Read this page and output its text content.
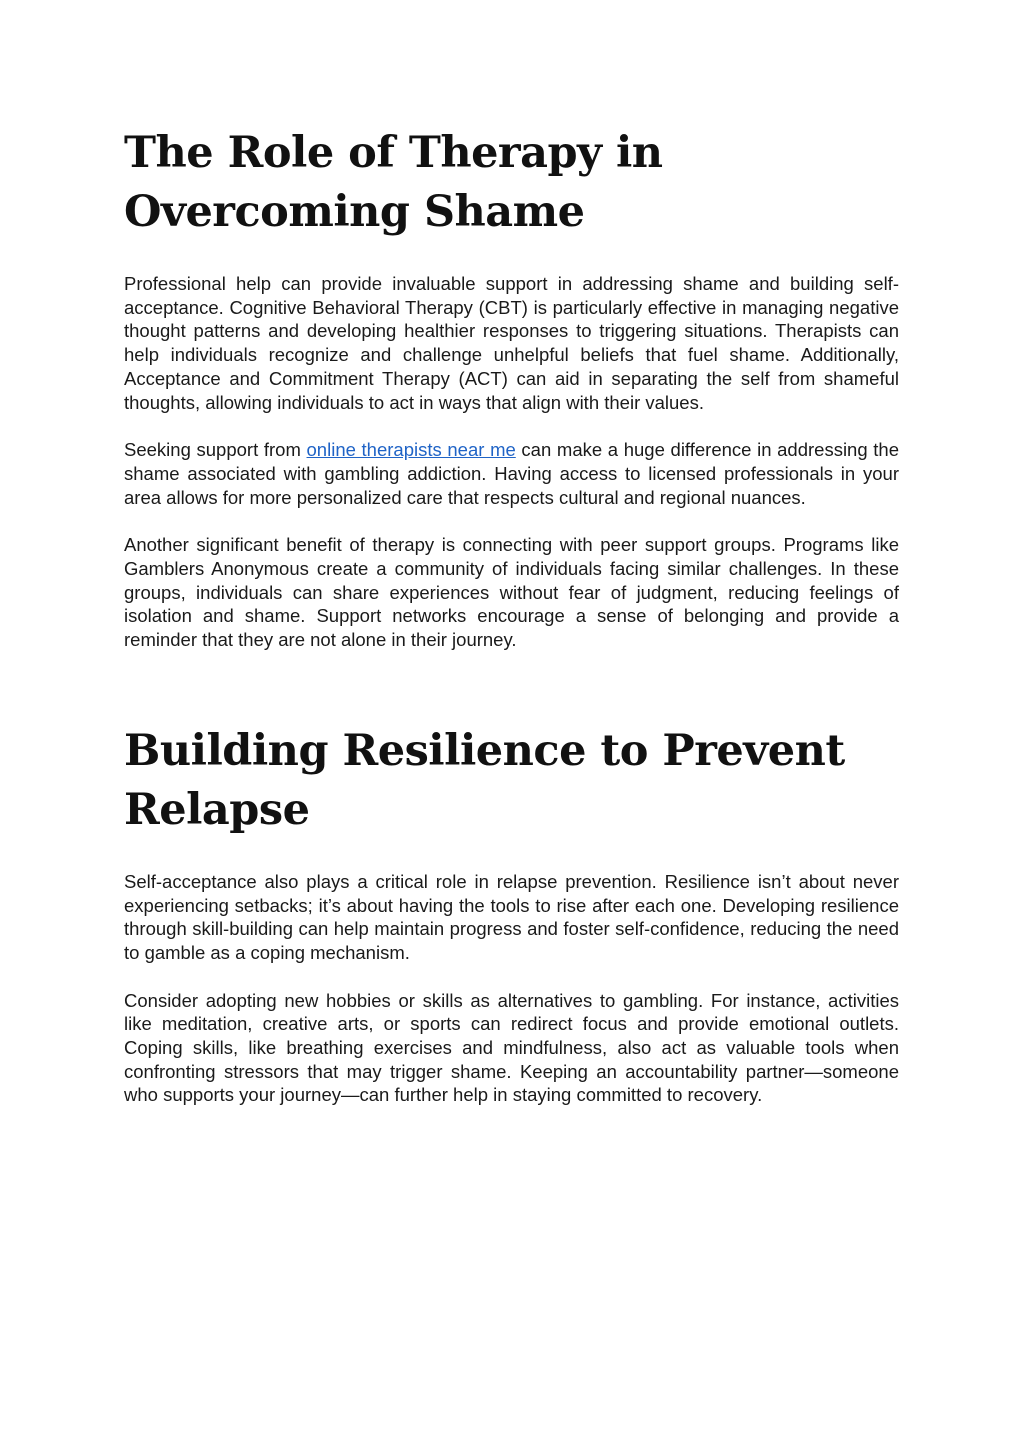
The Role of Therapy in Overcoming Shame

Professional help can provide invaluable support in addressing shame and building self-acceptance. Cognitive Behavioral Therapy (CBT) is particularly effective in managing negative thought patterns and developing healthier responses to triggering situations. Therapists can help individuals recognize and challenge unhelpful beliefs that fuel shame. Additionally, Acceptance and Commitment Therapy (ACT) can aid in separating the self from shameful thoughts, allowing individuals to act in ways that align with their values.

Seeking support from online therapists near me can make a huge difference in addressing the shame associated with gambling addiction. Having access to licensed professionals in your area allows for more personalized care that respects cultural and regional nuances.

Another significant benefit of therapy is connecting with peer support groups. Programs like Gamblers Anonymous create a community of individuals facing similar challenges. In these groups, individuals can share experiences without fear of judgment, reducing feelings of isolation and shame. Support networks encourage a sense of belonging and provide a reminder that they are not alone in their journey.

Building Resilience to Prevent Relapse

Self-acceptance also plays a critical role in relapse prevention. Resilience isn’t about never experiencing setbacks; it’s about having the tools to rise after each one. Developing resilience through skill-building can help maintain progress and foster self-confidence, reducing the need to gamble as a coping mechanism.

Consider adopting new hobbies or skills as alternatives to gambling. For instance, activities like meditation, creative arts, or sports can redirect focus and provide emotional outlets. Coping skills, like breathing exercises and mindfulness, also act as valuable tools when confronting stressors that may trigger shame. Keeping an accountability partner—someone who supports your journey—can further help in staying committed to recovery.
